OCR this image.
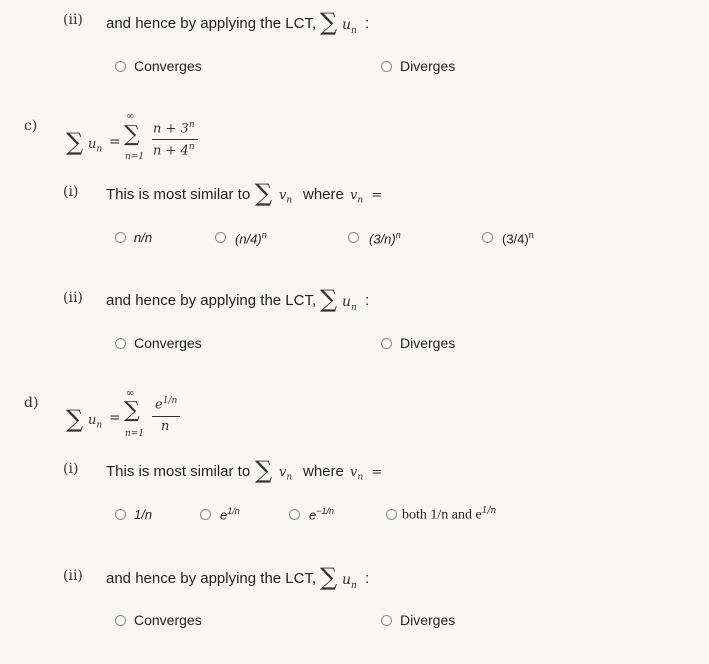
(ii) and hence by applying the LCT, ∑ $u_n$ :
Converges	Diverges
c)
∑ $u_n$ =
∞
∑
n=1
$n + 3^n$
$n + 4^n$
(i) This is most similar to ∑ $v_n$ where $v_n$  =
n/n	$(n/4)^n$	$(3/n)^n$	$(3/4)^n$
(ii) and hence by applying the LCT, ∑ $u_n$ :
Converges	Diverges
d)
∑ $u_n$ =
∞
∑
n=1
$e^{1/n}$
n
(i) This is most similar to ∑ $v_n$ where $v_n$  =
1/n	$e^{1/n}$	$e^{-1/n}$	both 1/n and $e^{1/n}$
(ii) and hence by applying the LCT, ∑ $u_n$ :
Converges	Diverges
